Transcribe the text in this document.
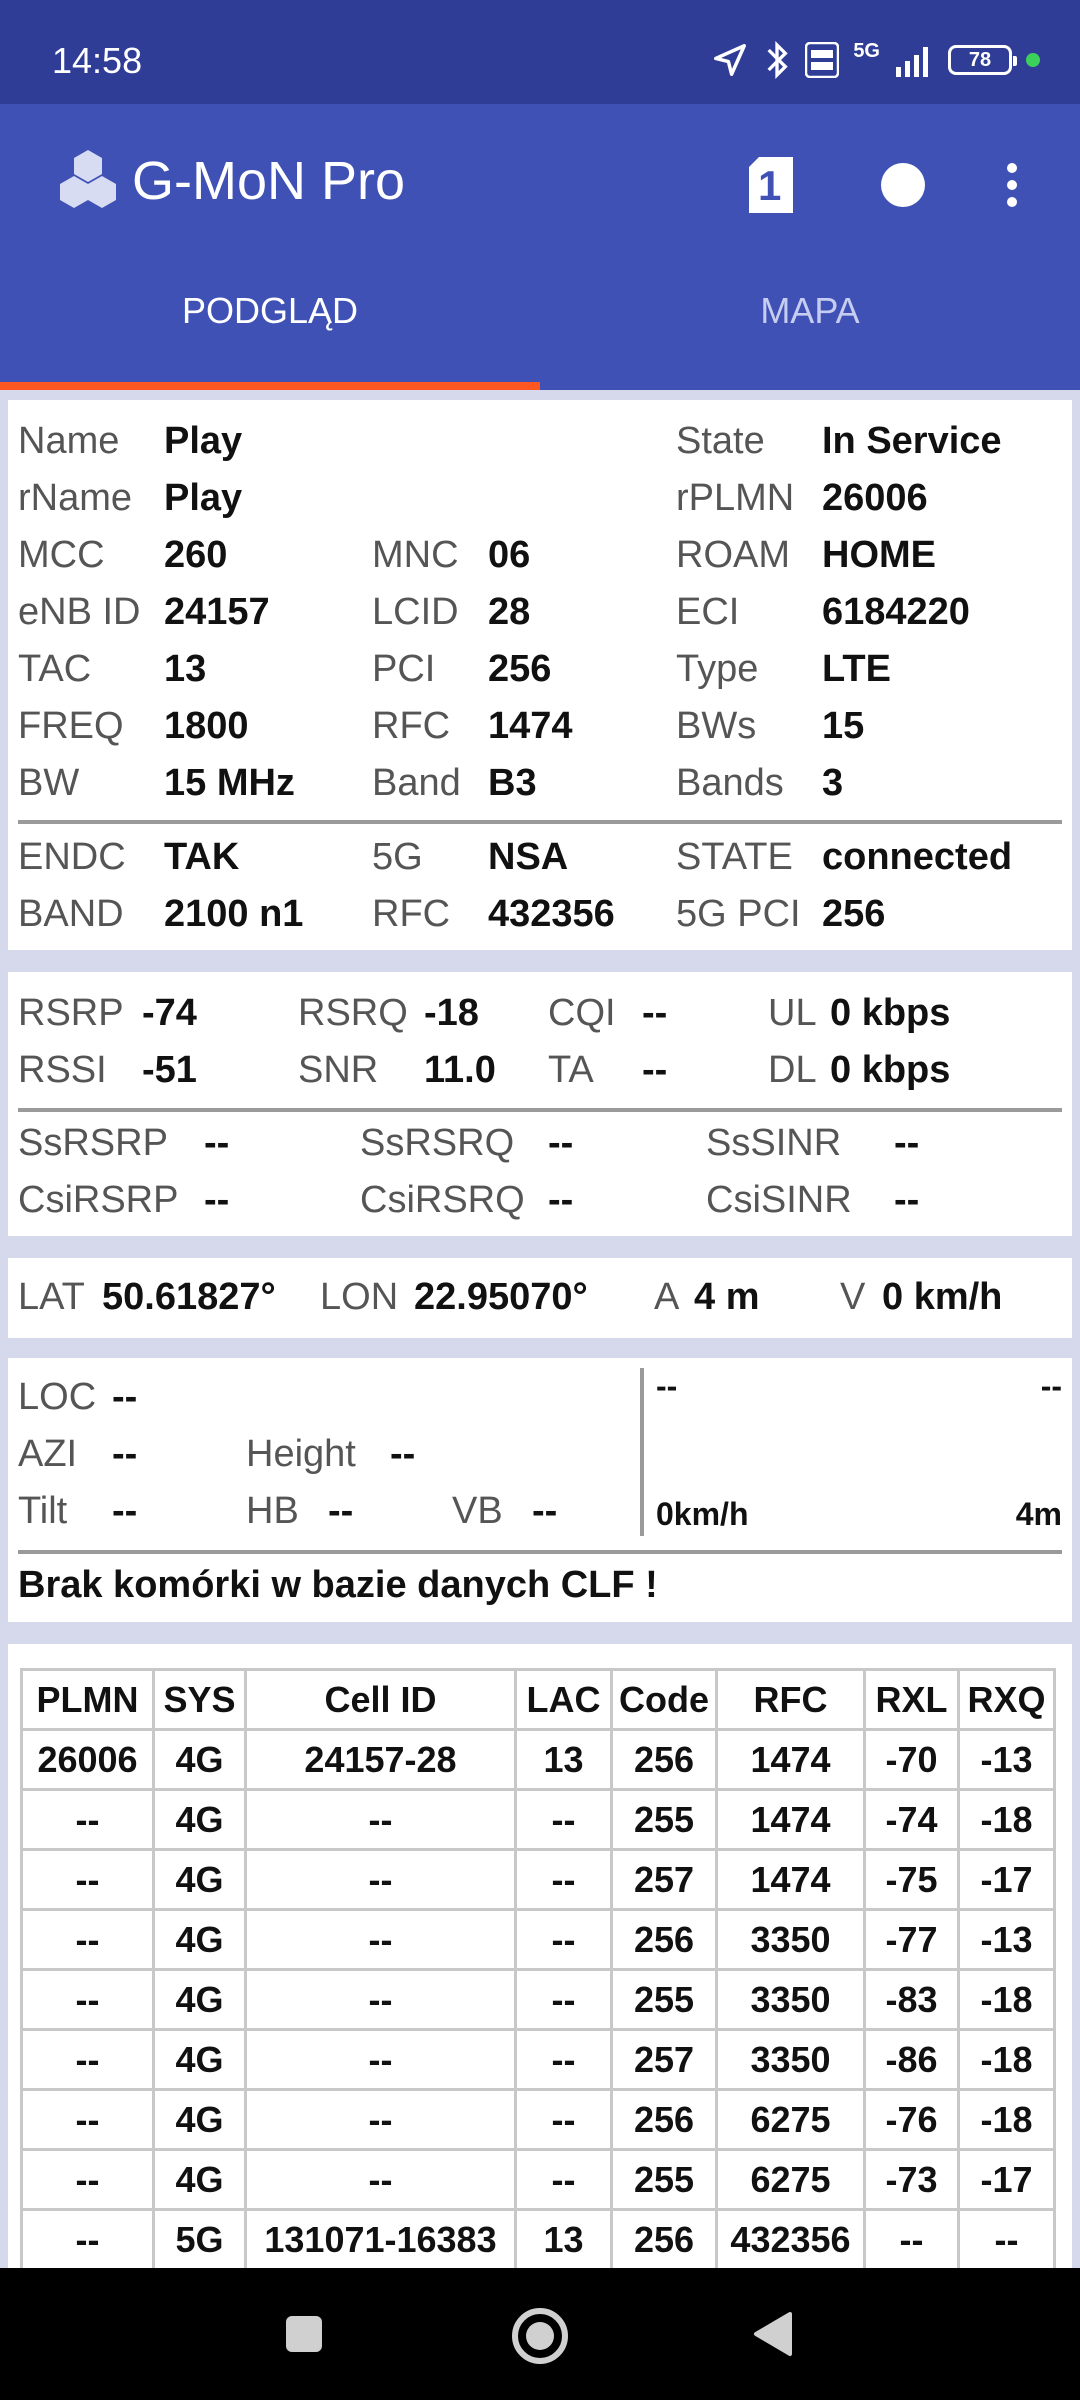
14:58	5G	78
G-MoN Pro	1
PODGLĄD	MAPA
Name Play	State In Service
rName Play	rPLMN 26006
MCC 260	MNC 06	ROAM HOME
eNB ID 24157	LCID 28	ECI 6184220
TAC 13	PCI 256	Type LTE
FREQ 1800	RFC 1474	BWs 15
BW 15 MHz Band B3	Bands 3
ENDC TAK	5G NSA	STATE connected
BAND 2100 n1 RFC 432356 5G PCI 256
RSRP -74	RSRQ -18 CQI --	UL 0 kbps
RSSI -51	SNR 11.0 TA --	DL 0 kbps
SsRSRP --	SsRSRQ --	SsSINR --
CsiRSRP --	CsiRSRQ --	CsiSINR --
LAT 50.61827° LON 22.95070° A 4 m V 0 km/h
LOC --
AZI --	Height --
Tilt --	HB --	VB --
--	--
0km/h	4m
Brak komórki w bazie danych CLF !
PLMN	SYS	Cell ID	LAC	Code	RFC	RXL	RXQ
26006	4G	24157-28	13	256	1474	-70	-13
--	4G	--	--	255	1474	-74	-18
--	4G	--	--	257	1474	-75	-17
--	4G	--	--	256	3350	-77	-13
--	4G	--	--	255	3350	-83	-18
--	4G	--	--	257	3350	-86	-18
--	4G	--	--	256	6275	-76	-18
--	4G	--	--	255	6275	-73	-17
--	5G	131071-16383	13	256	432356	--	--
